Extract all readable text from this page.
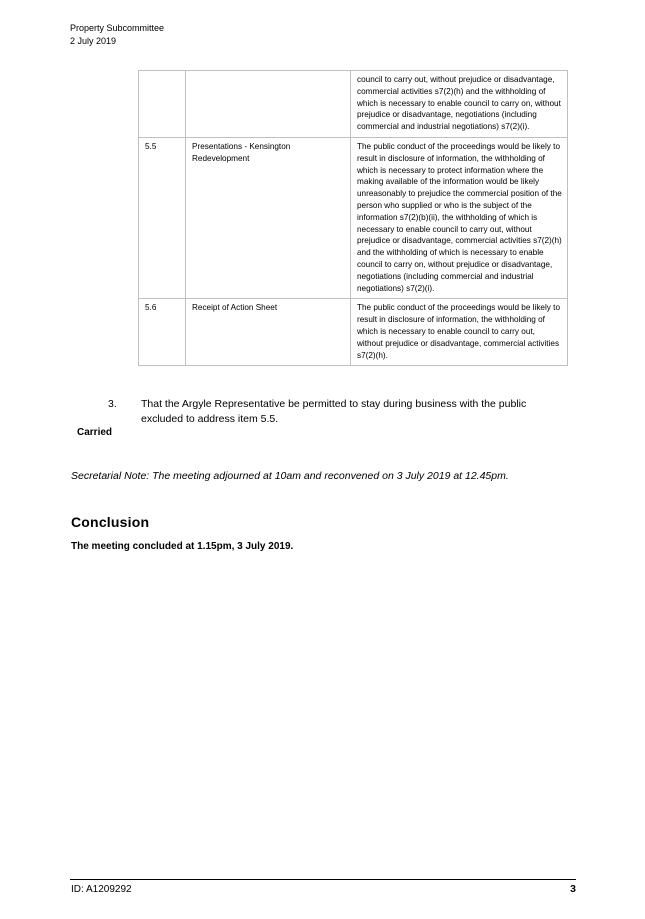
Property Subcommittee
2 July 2019
		council to carry out, without prejudice or disadvantage, commercial activities s7(2)(h) and the withholding of which is necessary to enable council to carry on, without prejudice or disadvantage, negotiations (including commercial and industrial negotiations) s7(2)(i).
5.5	Presentations - Kensington Redevelopment	The public conduct of the proceedings would be likely to result in disclosure of information, the withholding of which is necessary to protect information where the making available of the information would be likely unreasonably to prejudice the commercial position of the person who supplied or who is the subject of the information s7(2)(b)(ii), the withholding of which is necessary to enable council to carry out, without prejudice or disadvantage, commercial activities s7(2)(h) and the withholding of which is necessary to enable council to carry on, without prejudice or disadvantage, negotiations (including commercial and industrial negotiations) s7(2)(i).
5.6	Receipt of Action Sheet	The public conduct of the proceedings would be likely to result in disclosure of information, the withholding of which is necessary to enable council to carry out, without prejudice or disadvantage, commercial activities s7(2)(h).
3. That the Argyle Representative be permitted to stay during business with the public excluded to address item 5.5.
Carried
Secretarial Note: The meeting adjourned at 10am and reconvened on 3 July 2019 at 12.45pm.
Conclusion
The meeting concluded at 1.15pm, 3 July 2019.
ID: A1209292	3
